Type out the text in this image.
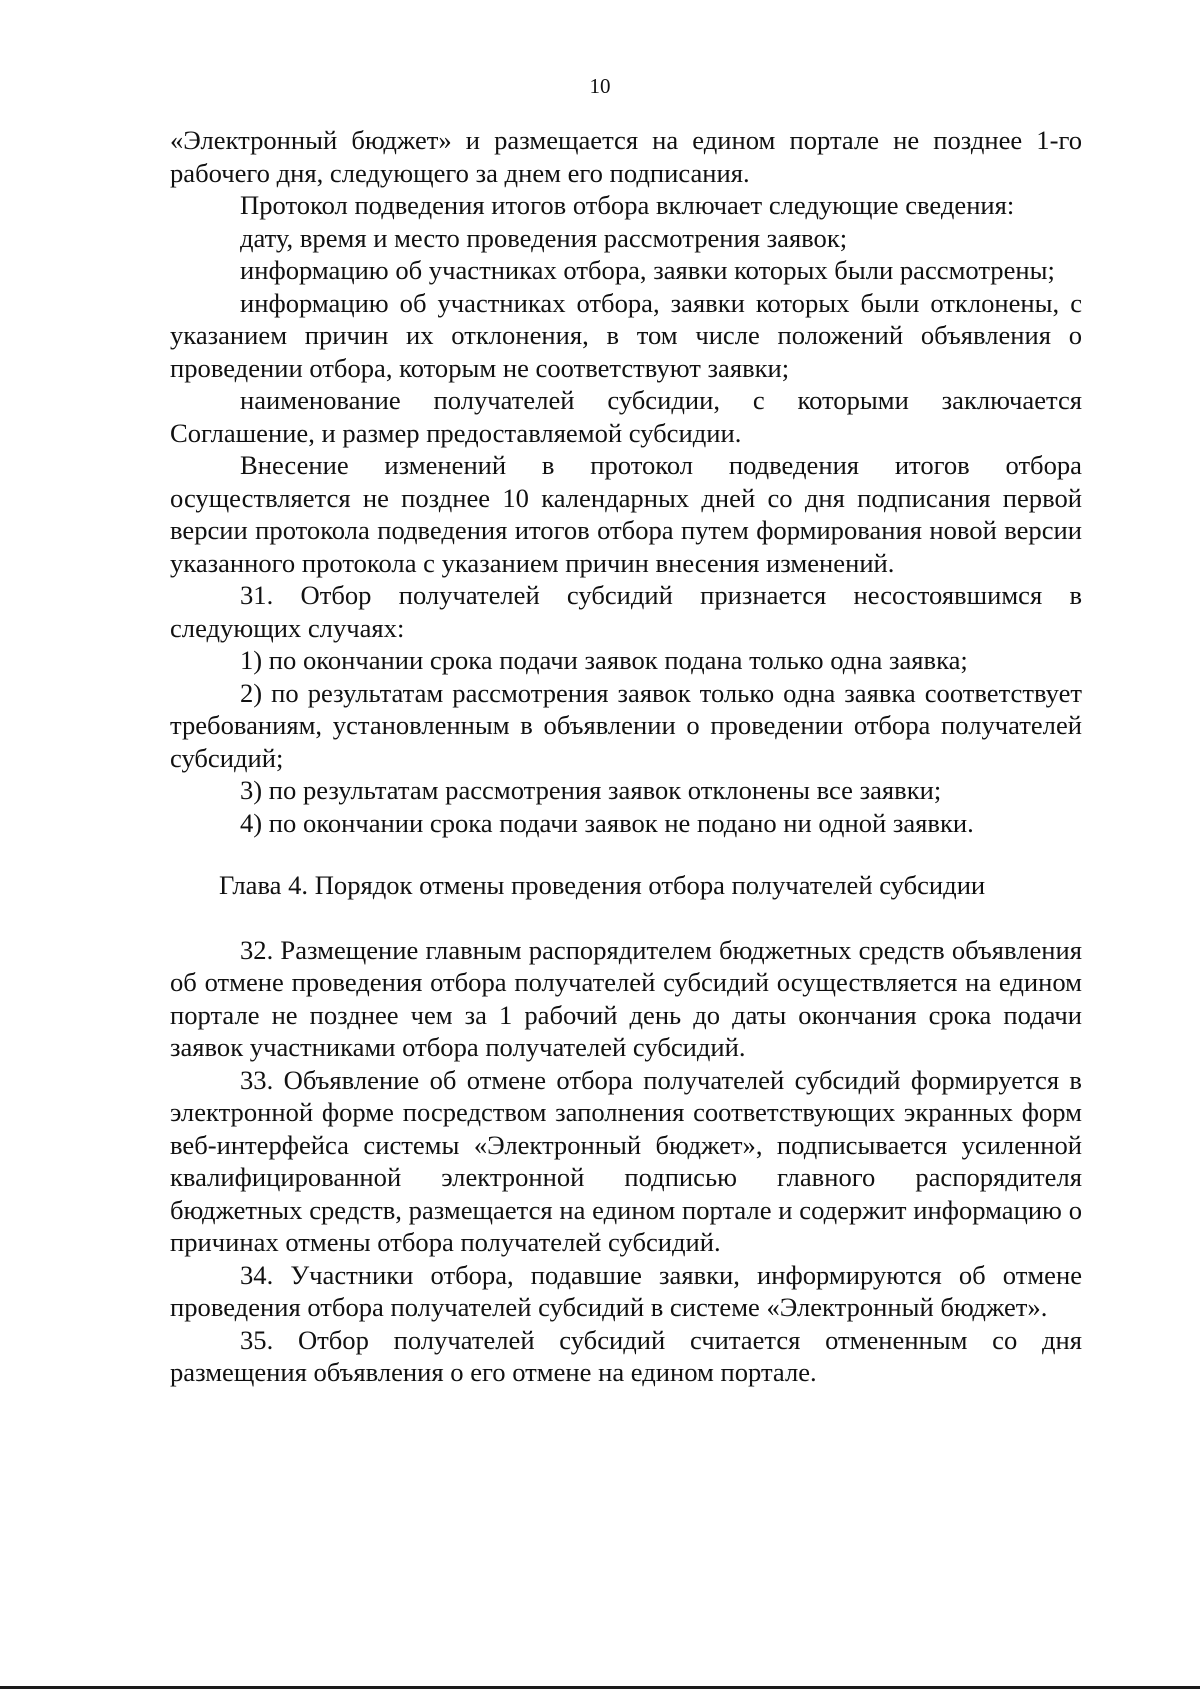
10

«Электронный бюджет» и размещается на едином портале не позднее 1-го рабочего дня, следующего за днем его подписания.

Протокол подведения итогов отбора включает следующие сведения:

дату, время и место проведения рассмотрения заявок;

информацию об участниках отбора, заявки которых были рассмотрены;

информацию об участниках отбора, заявки которых были отклонены, с указанием причин их отклонения, в том числе положений объявления о проведении отбора, которым не соответствуют заявки;

наименование получателей субсидии, с которыми заключается Соглашение, и размер предоставляемой субсидии.

Внесение изменений в протокол подведения итогов отбора осуществляется не позднее 10 календарных дней со дня подписания первой версии протокола подведения итогов отбора путем формирования новой версии указанного протокола с указанием причин внесения изменений.

31. Отбор получателей субсидий признается несостоявшимся в следующих случаях:

1) по окончании срока подачи заявок подана только одна заявка;

2) по результатам рассмотрения заявок только одна заявка соответствует требованиям, установленным в объявлении о проведении отбора получателей субсидий;

3) по результатам рассмотрения заявок отклонены все заявки;

4) по окончании срока подачи заявок не подано ни одной заявки.

Глава 4. Порядок отмены проведения отбора получателей субсидии

32. Размещение главным распорядителем бюджетных средств объявления об отмене проведения отбора получателей субсидий осуществляется на едином портале не позднее чем за 1 рабочий день до даты окончания срока подачи заявок участниками отбора получателей субсидий.

33. Объявление об отмене отбора получателей субсидий формируется в электронной форме посредством заполнения соответствующих экранных форм веб-интерфейса системы «Электронный бюджет», подписывается усиленной квалифицированной электронной подписью главного распорядителя бюджетных средств, размещается на едином портале и содержит информацию о причинах отмены отбора получателей субсидий.

34. Участники отбора, подавшие заявки, информируются об отмене проведения отбора получателей субсидий в системе «Электронный бюджет».

35. Отбор получателей субсидий считается отмененным со дня размещения объявления о его отмене на едином портале.
